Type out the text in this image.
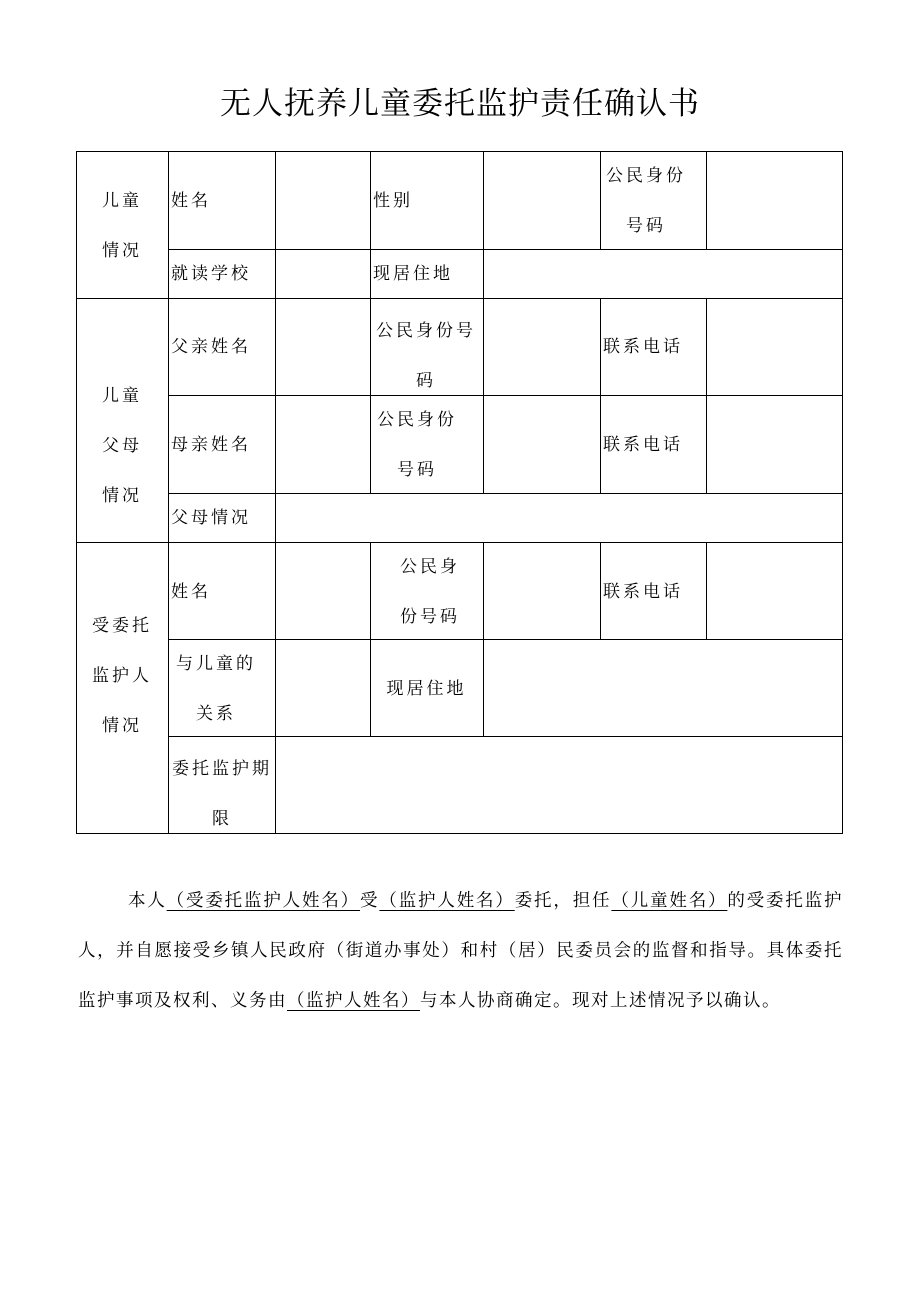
无人抚养儿童委托监护责任确认书
儿童情况
姓名	性别
公民身份号码
就读学校	现居住地
儿童父母情况
父亲姓名
公民身份号码
联系电话
母亲姓名
公民身份号码
联系电话
父母情况
受委托监护人情况
姓名
公民身份号码
联系电话
与儿童的关系
现居住地
委托监护期限
本人（受委托监护人姓名）受（监护人姓名）委托，担任（儿童姓名）的受委托监护人，并自愿接受乡镇人民政府（街道办事处）和村（居）民委员会的监督和指导。具体委托监护事项及权利、义务由（监护人姓名）与本人协商确定。现对上述情况予以确认。
